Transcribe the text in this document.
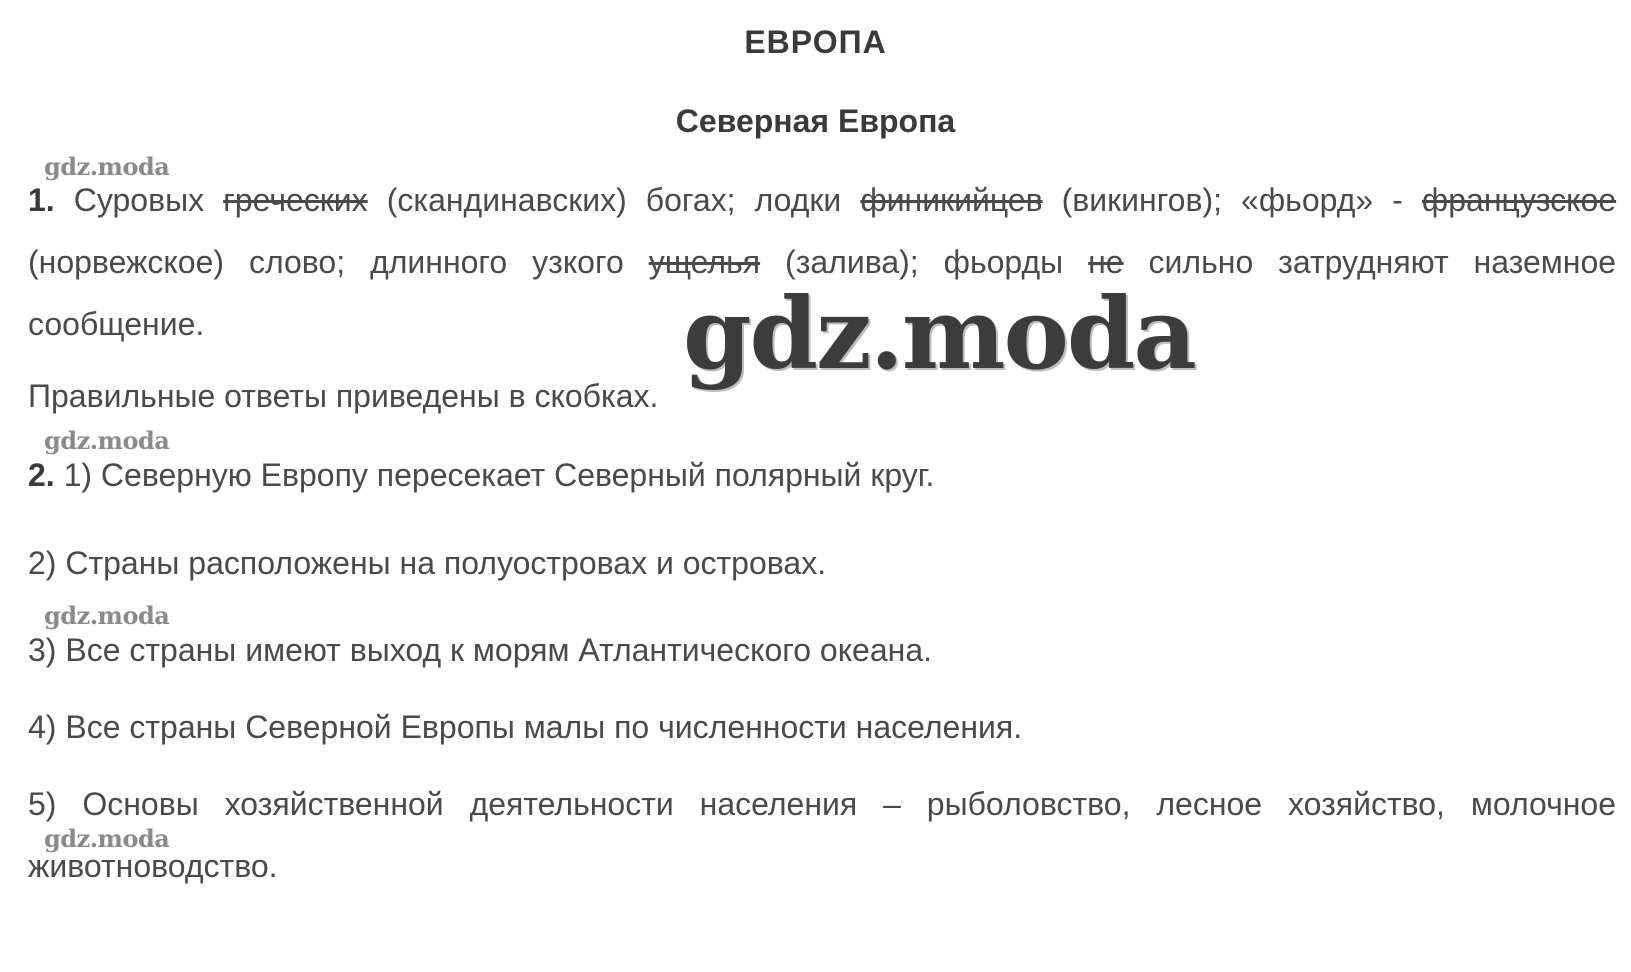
ЕВРОПА
Северная Европа
gdz.moda
1. Суровых греческих (скандинавских) богах; лодки финикийцев (викингов); «фьорд» - французское (норвежское) слово; длинного узкого ущелья (залива); фьорды не сильно затрудняют наземное сообщение.
Правильные ответы приведены в скобках.
gdz.moda
gdz.moda
2. 1) Северную Европу пересекает Северный полярный круг.
2) Страны расположены на полуостровах и островах.
gdz.moda
3) Все страны имеют выход к морям Атлантического океана.
4) Все страны Северной Европы малы по численности населения.
5) Основы хозяйственной деятельности населения – рыболовство, лесное хозяйство, молочное животноводство.
gdz.moda
